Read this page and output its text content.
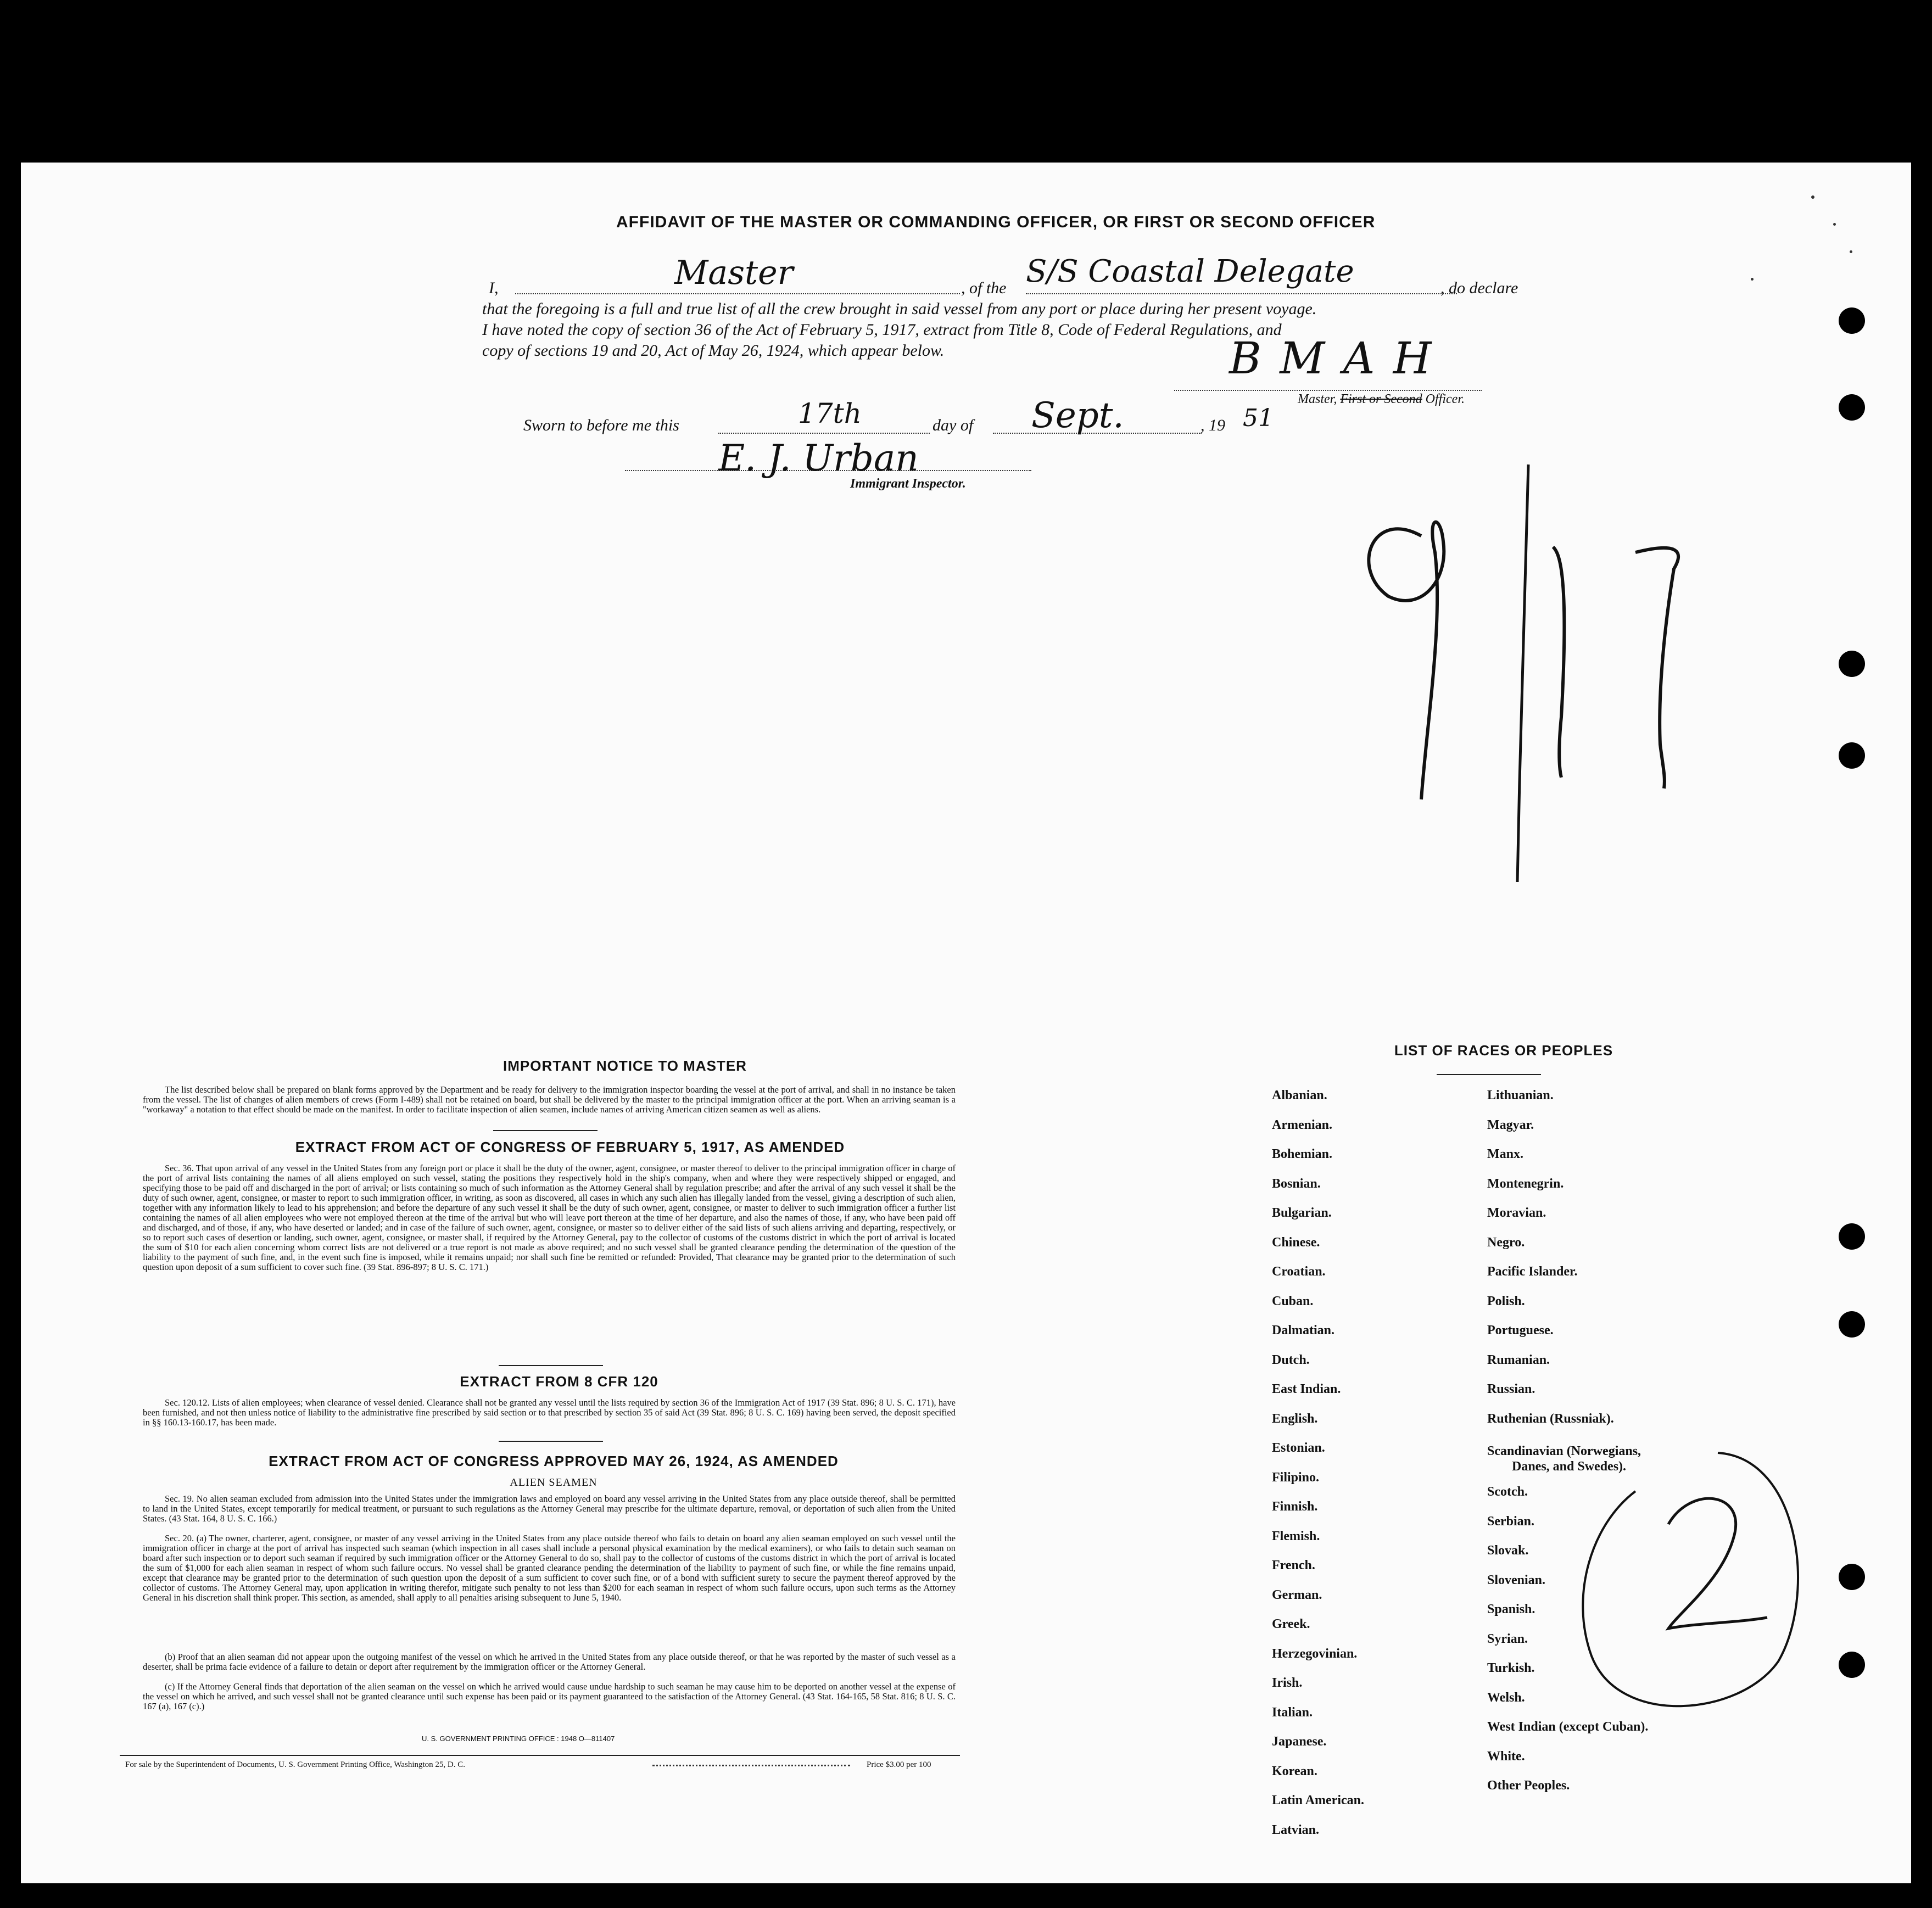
AFFIDAVIT OF THE MASTER OR COMMANDING OFFICER, OR FIRST OR SECOND OFFICER
I,	Master	, of the S/S Coastal Delegate	, do declare
that the foregoing is a full and true list of all the crew brought in said vessel from any port or place during her present voyage.
I have noted the copy of section 36 of the Act of February 5, 1917, extract from Title 8, Code of Federal Regulations, and
copy of sections 19 and 20, Act of May 26, 1924, which appear below.	B M A H
Master, First or Second Officer.
Sworn to before me this	17th	day of Sept.	, 19 51
E. J. Urban
Immigrant Inspector.
IMPORTANT NOTICE TO MASTER
The list described below shall be prepared on blank forms approved by the Department and be ready for delivery to the immigration inspector boarding the vessel at the port of arrival, and shall in no instance be taken from the vessel. The list of changes of alien members of crews (Form I-489) shall not be retained on board, but shall be delivered by the master to the principal immigration officer at the port. When an arriving seaman is a "workaway" a notation to that effect should be made on the manifest. In order to facilitate inspection of alien seamen, include names of arriving American citizen seamen as well as aliens.
EXTRACT FROM ACT OF CONGRESS OF FEBRUARY 5, 1917, AS AMENDED
Sec. 36. That upon arrival of any vessel in the United States from any foreign port or place it shall be the duty of the owner, agent, consignee, or master thereof to deliver to the principal immigration officer in charge of the port of arrival lists containing the names of all aliens employed on such vessel, stating the positions they respectively hold in the ship's company, when and where they were respectively shipped or engaged, and specifying those to be paid off and discharged in the port of arrival; or lists containing so much of such information as the Attorney General shall by regulation prescribe; and after the arrival of any such vessel it shall be the duty of such owner, agent, consignee, or master to report to such immigration officer, in writing, as soon as discovered, all cases in which any such alien has illegally landed from the vessel, giving a description of such alien, together with any information likely to lead to his apprehension; and before the departure of any such vessel it shall be the duty of such owner, agent, consignee, or master to deliver to such immigration officer a further list containing the names of all alien employees who were not employed thereon at the time of the arrival but who will leave port thereon at the time of her departure, and also the names of those, if any, who have been paid off and discharged, and of those, if any, who have deserted or landed; and in case of the failure of such owner, agent, consignee, or master so to deliver either of the said lists of such aliens arriving and departing, respectively, or so to report such cases of desertion or landing, such owner, agent, consignee, or master shall, if required by the Attorney General, pay to the collector of customs of the customs district in which the port of arrival is located the sum of $10 for each alien concerning whom correct lists are not delivered or a true report is not made as above required; and no such vessel shall be granted clearance pending the determination of the question of the liability to the payment of such fine, and, in the event such fine is imposed, while it remains unpaid; nor shall such fine be remitted or refunded: Provided, That clearance may be granted prior to the determination of such question upon deposit of a sum sufficient to cover such fine. (39 Stat. 896-897; 8 U. S. C. 171.)
EXTRACT FROM 8 CFR 120
Sec. 120.12. Lists of alien employees; when clearance of vessel denied. Clearance shall not be granted any vessel until the lists required by section 36 of the Immigration Act of 1917 (39 Stat. 896; 8 U. S. C. 171), have been furnished, and not then unless notice of liability to the administrative fine prescribed by said section or to that prescribed by section 35 of said Act (39 Stat. 896; 8 U. S. C. 169) having been served, the deposit specified in §§ 160.13-160.17, has been made.
EXTRACT FROM ACT OF CONGRESS APPROVED MAY 26, 1924, AS AMENDED
ALIEN SEAMEN
Sec. 19. No alien seaman excluded from admission into the United States under the immigration laws and employed on board any vessel arriving in the United States from any place outside thereof, shall be permitted to land in the United States, except temporarily for medical treatment, or pursuant to such regulations as the Attorney General may prescribe for the ultimate departure, removal, or deportation of such alien from the United States. (43 Stat. 164, 8 U. S. C. 166.)
Sec. 20. (a) The owner, charterer, agent, consignee, or master of any vessel arriving in the United States from any place outside thereof who fails to detain on board any alien seaman employed on such vessel until the immigration officer in charge at the port of arrival has inspected such seaman (which inspection in all cases shall include a personal physical examination by the medical examiners), or who fails to detain such seaman on board after such inspection or to deport such seaman if required by such immigration officer or the Attorney General to do so, shall pay to the collector of customs of the customs district in which the port of arrival is located the sum of $1,000 for each alien seaman in respect of whom such failure occurs. No vessel shall be granted clearance pending the determination of the liability to payment of such fine, or while the fine remains unpaid, except that clearance may be granted prior to the determination of such question upon the deposit of a sum sufficient to cover such fine, or of a bond with sufficient surety to secure the payment thereof approved by the collector of customs. The Attorney General may, upon application in writing therefor, mitigate such penalty to not less than $200 for each seaman in respect of whom such failure occurs, upon such terms as the Attorney General in his discretion shall think proper. This section, as amended, shall apply to all penalties arising subsequent to June 5, 1940.
(b) Proof that an alien seaman did not appear upon the outgoing manifest of the vessel on which he arrived in the United States from any place outside thereof, or that he was reported by the master of such vessel as a deserter, shall be prima facie evidence of a failure to detain or deport after requirement by the immigration officer or the Attorney General.
(c) If the Attorney General finds that deportation of the alien seaman on the vessel on which he arrived would cause undue hardship to such seaman he may cause him to be deported on another vessel at the expense of the vessel on which he arrived, and such vessel shall not be granted clearance until such expense has been paid or its payment guaranteed to the satisfaction of the Attorney General. (43 Stat. 164-165, 58 Stat. 816; 8 U. S. C. 167 (a), 167 (c).)
U. S. GOVERNMENT PRINTING OFFICE : 1948 O—811407
For sale by the Superintendent of Documents, U. S. Government Printing Office, Washington 25, D. C.	Price $3.00 per 100
LIST OF RACES OR PEOPLES
Albanian.
Armenian.
Bohemian.
Bosnian.
Bulgarian.
Chinese.
Croatian.
Cuban.
Dalmatian.
Dutch.
East Indian.
English.
Estonian.
Filipino.
Finnish.
Flemish.
French.
German.
Greek.
Herzegovinian.
Irish.
Italian.
Japanese.
Korean.
Latin American.
Latvian.
Lithuanian.
Magyar.
Manx.
Montenegrin.
Moravian.
Negro.
Pacific Islander.
Polish.
Portuguese.
Rumanian.
Russian.
Ruthenian (Russniak).
Scandinavian (Norwegians,
Danes, and Swedes).
Scotch.
Serbian.
Slovak.
Slovenian.
Spanish.
Syrian.
Turkish.
Welsh.
West Indian (except Cuban).
White.
Other Peoples.
